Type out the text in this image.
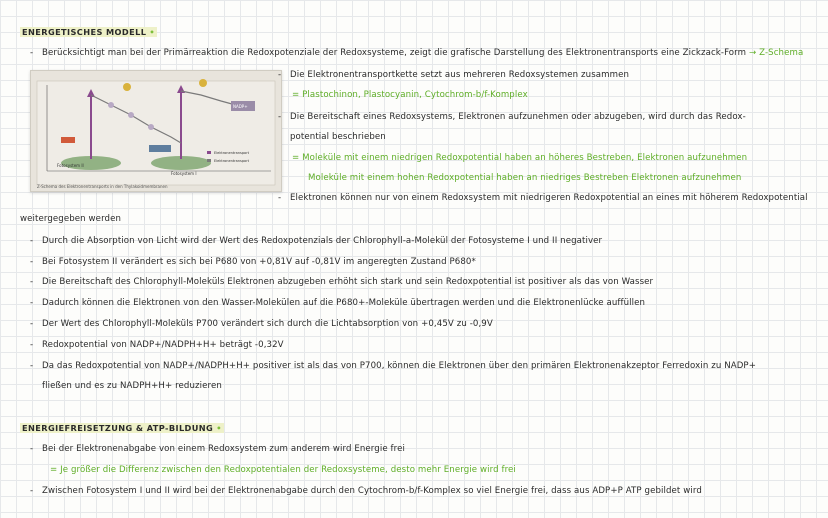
ENERGETISCHES MODELL •
- Berücksichtigt man bei der Primärreaktion die Redoxpotenziale der Redoxsysteme, zeigt die grafische Darstellung des Elektronentransports eine Zickzack-Form → Z-Schema
Fotosystem II
Fotosystem I
NADP+
Elektronentransport
Elektronentransport
Z-Schema des Elektronentransports in den Thylakoidmembranen
- Die Elektronentransportkette setzt aus mehreren Redoxsystemen zusammen
= Plastochinon, Plastocyanin, Cytochrom-b/f-Komplex
- Die Bereitschaft eines Redoxsystems, Elektronen aufzunehmen oder abzugeben, wird durch das Redox-
potential beschrieben
= Moleküle mit einem niedrigen Redoxpotential haben an höheres Bestreben, Elektronen aufzunehmen
Moleküle mit einem hohen Redoxpotential haben an niedriges Bestreben Elektronen aufzunehmen
- Elektronen können nur von einem Redoxsystem mit niedrigeren Redoxpotential an eines mit höherem Redoxpotential
weitergegeben werden
- Durch die Absorption von Licht wird der Wert des Redoxpotenzials der Chlorophyll-a-Molekül der Fotosysteme I und II negativer
- Bei Fotosystem II verändert es sich bei P680 von +0,81V auf -0,81V im angeregten Zustand P680*
- Die Bereitschaft des Chlorophyll-Moleküls Elektronen abzugeben erhöht sich stark und sein Redoxpotential ist positiver als das von Wasser
- Dadurch können die Elektronen von den Wasser-Molekülen auf die P680+-Moleküle übertragen werden und die Elektronenlücke auffüllen
- Der Wert des Chlorophyll-Moleküls P700 verändert sich durch die Lichtabsorption von +0,45V zu -0,9V
- Redoxpotential von NADP+/NADPH+H+ beträgt -0,32V
- Da das Redoxpotential von NADP+/NADPH+H+ positiver ist als das von P700, können die Elektronen über den primären Elektronenakzeptor Ferredoxin zu NADP+
fließen und es zu NADPH+H+ reduzieren
ENERGIEFREISETZUNG & ATP-BILDUNG •
- Bei der Elektronenabgabe von einem Redoxsystem zum anderem wird Energie frei
= Je größer die Differenz zwischen den Redoxpotentialen der Redoxsysteme, desto mehr Energie wird frei
- Zwischen Fotosystem I und II wird bei der Elektronenabgabe durch den Cytochrom-b/f-Komplex so viel Energie frei, dass aus ADP+P ATP gebildet wird
